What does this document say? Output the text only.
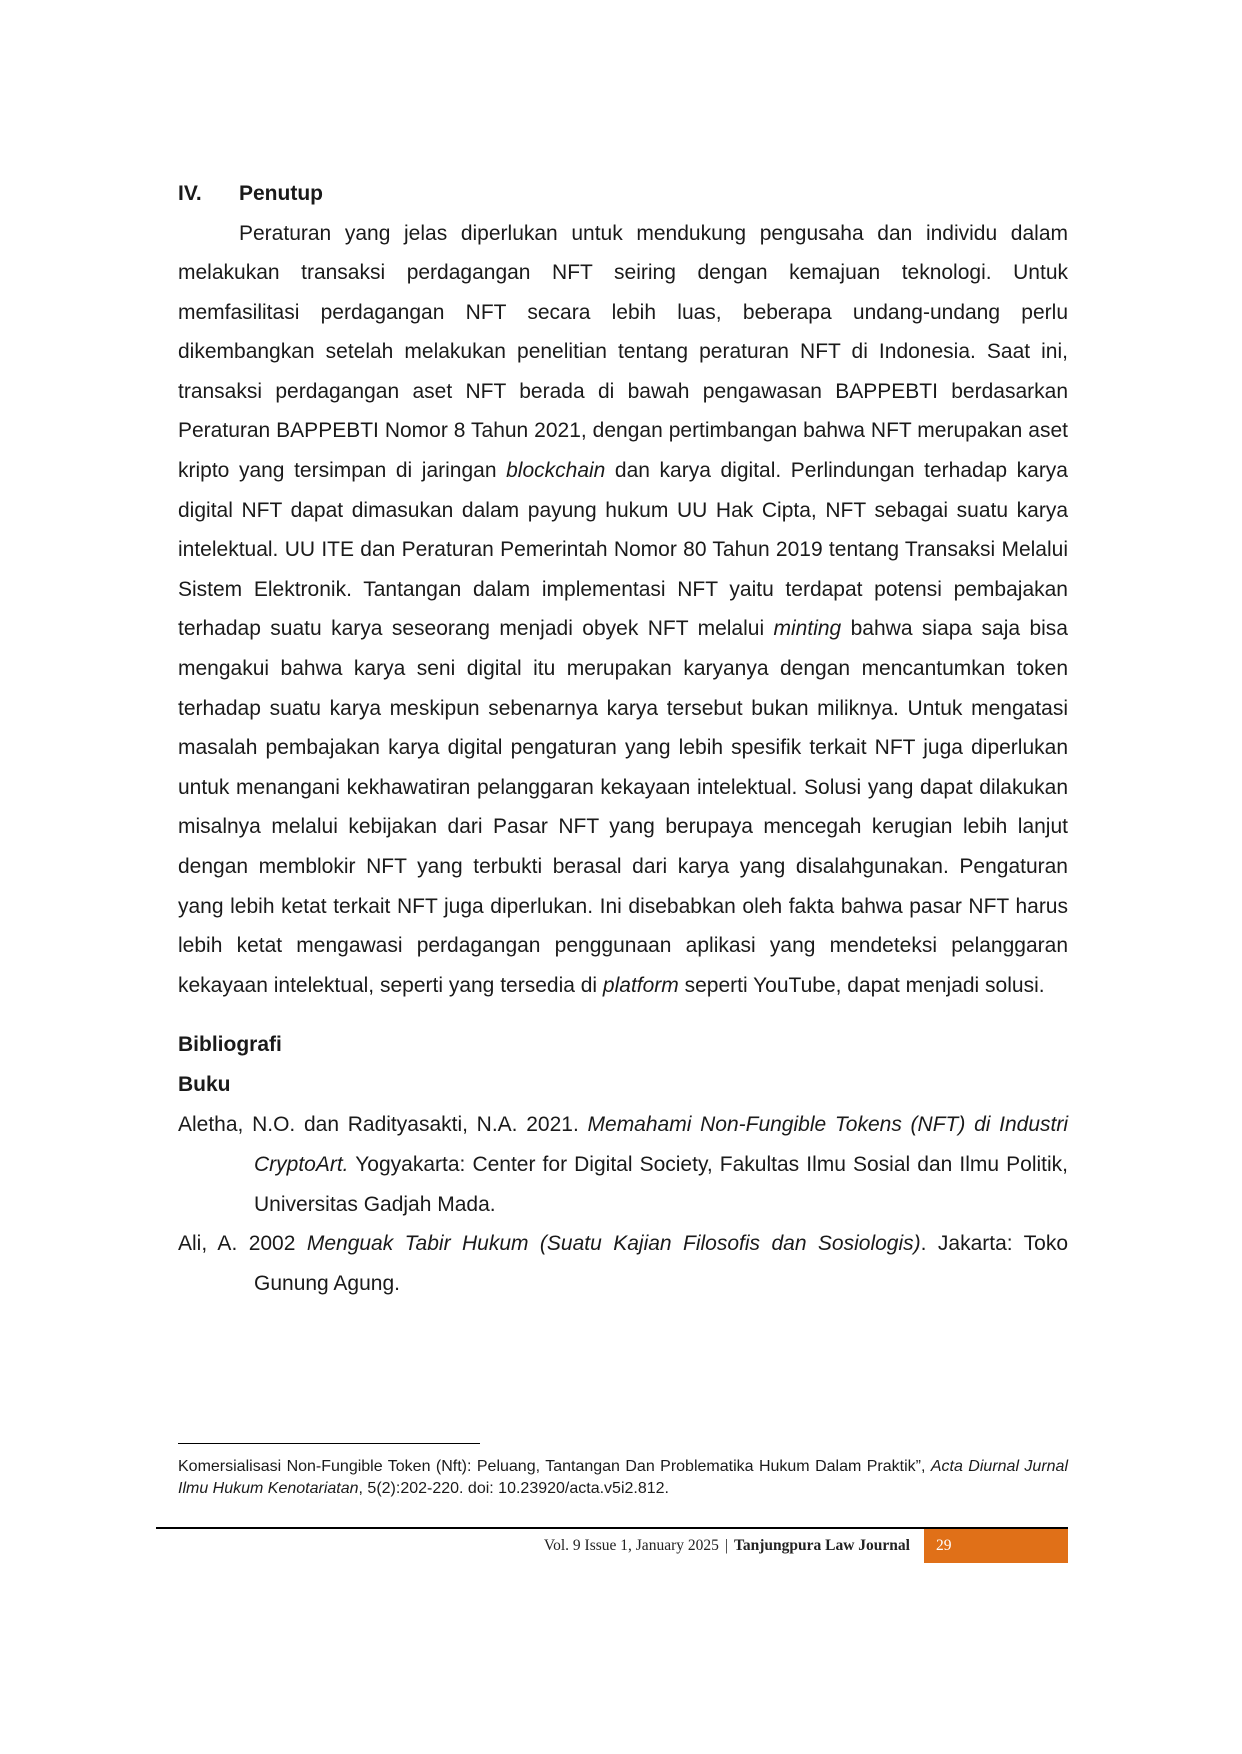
IV.	Penutup

Peraturan yang jelas diperlukan untuk mendukung pengusaha dan individu dalam melakukan transaksi perdagangan NFT seiring dengan kemajuan teknologi. Untuk memfasilitasi perdagangan NFT secara lebih luas, beberapa undang-undang perlu dikembangkan setelah melakukan penelitian tentang peraturan NFT di Indonesia. Saat ini, transaksi perdagangan aset NFT berada di bawah pengawasan BAPPEBTI berdasarkan Peraturan BAPPEBTI Nomor 8 Tahun 2021, dengan pertimbangan bahwa NFT merupakan aset kripto yang tersimpan di jaringan blockchain dan karya digital. Perlindungan terhadap karya digital NFT dapat dimasukan dalam payung hukum UU Hak Cipta, NFT sebagai suatu karya intelektual. UU ITE dan Peraturan Pemerintah Nomor 80 Tahun 2019 tentang Transaksi Melalui Sistem Elektronik. Tantangan dalam implementasi NFT yaitu terdapat potensi pembajakan terhadap suatu karya seseorang menjadi obyek NFT melalui minting bahwa siapa saja bisa mengakui bahwa karya seni digital itu merupakan karyanya dengan mencantumkan token terhadap suatu karya meskipun sebenarnya karya tersebut bukan miliknya. Untuk mengatasi masalah pembajakan karya digital pengaturan yang lebih spesifik terkait NFT juga diperlukan untuk menangani kekhawatiran pelanggaran kekayaan intelektual. Solusi yang dapat dilakukan misalnya melalui kebijakan dari Pasar NFT yang berupaya mencegah kerugian lebih lanjut dengan memblokir NFT yang terbukti berasal dari karya yang disalahgunakan. Pengaturan yang lebih ketat terkait NFT juga diperlukan. Ini disebabkan oleh fakta bahwa pasar NFT harus lebih ketat mengawasi perdagangan penggunaan aplikasi yang mendeteksi pelanggaran kekayaan intelektual, seperti yang tersedia di platform seperti YouTube, dapat menjadi solusi.

Bibliografi
Buku

Aletha, N.O. dan Radityasakti, N.A. 2021. Memahami Non-Fungible Tokens (NFT) di Industri CryptoArt. Yogyakarta: Center for Digital Society, Fakultas Ilmu Sosial dan Ilmu Politik, Universitas Gadjah Mada.

Ali, A. 2002 Menguak Tabir Hukum (Suatu Kajian Filosofis dan Sosiologis). Jakarta: Toko Gunung Agung.

Komersialisasi Non-Fungible Token (Nft): Peluang, Tantangan Dan Problematika Hukum Dalam Praktik”, Acta Diurnal Jurnal Ilmu Hukum Kenotariatan, 5(2):202-220. doi: 10.23920/acta.v5i2.812.

Vol. 9 Issue 1, January 2025 | Tanjungpura Law Journal 29
